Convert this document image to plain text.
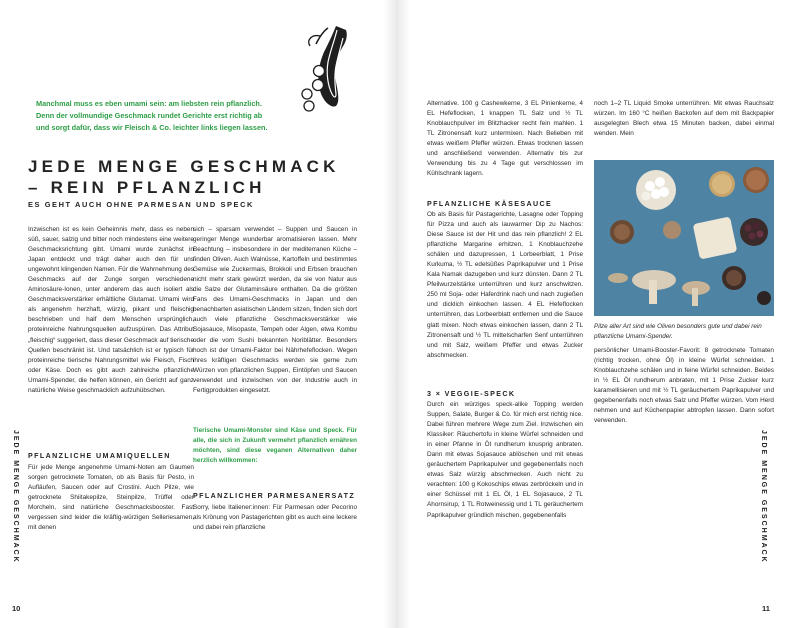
Manchmal muss es eben umami sein: am liebsten rein pflanzlich. Denn der vollmundige Geschmack rundet Gerichte erst richtig ab und sorgt dafür, dass wir Fleisch & Co. leichter links liegen lassen.

JEDE MENGE GESCHMACK – REIN PFLANZLICH
ES GEHT AUCH OHNE PARMESAN UND SPECK

Inzwischen ist es kein Geheimnis mehr, dass es neben süß, sauer, salzig und bitter noch mindestens eine weitere Geschmacksrichtung gibt. Umami wurde zunächst in Japan entdeckt und trägt daher auch den für uns ungewohnt klingenden Namen. Für die Wahrnehmung des Geschmacks auf der Zunge sorgen verschiedene Aminosäure-Ionen, unter anderem das auch isoliert als Geschmacksverstärker erhältliche Glutamat. Umami wird als angenehm herzhaft, würzig, pikant und fleischig beschrieben und half dem Menschen ursprünglich, proteinreiche Nahrungsquellen aufzuspüren. Das Attribut „fleischig“ suggeriert, dass dieser Geschmack auf tierische Quellen beschränkt ist. Und tatsächlich ist er typisch für proteinreiche tierische Nahrungsmittel wie Fleisch, Fisch oder Käse. Doch es gibt auch zahlreiche pflanzliche Umami-Spender, die helfen können, ein Gericht auf ganz natürliche Weise geschmacklich aufzuhübschen.

PFLANZLICHE UMAMIQUELLEN

Für jede Menge angenehme Umami-Noten am Gaumen sorgen getrocknete Tomaten, ob als Basis für Pesto, in Aufläufen, Saucen oder auf Crostini. Auch Pilze, wie getrocknete Shiitakepilze, Steinpilze, Trüffel oder Morcheln, sind natürliche Geschmacksbooster. Fast vergessen sind leider die kräftig-würzigen Selleriesamen, mit denen

sich – sparsam verwendet – Suppen und Saucen in geringer Menge wunderbar aromatisieren lassen. Mehr Beachtung – insbesondere in der mediterranen Küche – finden Oliven. Auch Walnüsse, Kartoffeln und bestimmtes Gemüse wie Zuckermais, Brokkoli und Erbsen brauchen nicht mehr stark gewürzt werden, da sie von Natur aus die Salze der Glutaminsäure enthalten. Da die größten Fans des Umami-Geschmacks in Japan und den benachbarten asiatischen Ländern sitzen, finden sich dort auch viele pflanzliche Geschmacksverstärker wie Sojasauce, Misopaste, Tempeh oder Algen, etwa Kombu oder die vom Sushi bekannten Noriblätter. Besonders hoch ist der Umami-Faktor bei Nährhefeflocken. Wegen ihres kräftigen Geschmacks werden sie gerne zum Würzen von pflanzlichen Suppen, Eintöpfen und Saucen verwendet und inzwischen von der Industrie auch in Fertigprodukten eingesetzt.

Tierische Umami-Monster sind Käse und Speck. Für alle, die sich in Zukunft vermehrt pflanzlich ernähren möchten, sind diese veganen Alternativen daher herzlich willkommen:

PFLANZLICHER PARMESANERSATZ

Sorry, liebe Italiener:innen: Für Parmesan oder Pecorino als Krönung von Pastagerichten gibt es auch eine leckere und dabei rein pflanzliche

Alternative. 100 g Cashewkerne, 3 EL Pinienkerne, 4 EL Hefeflocken, 1 knappen TL Salz und ½ TL Knoblauchpulver im Blitzhacker recht fein mahlen. 1 TL Zitronensaft kurz untermixen. Nach Belieben mit etwas weißem Pfeffer würzen. Etwas trocknen lassen und anschließend verwenden. Alternativ bis zur Verwendung bis zu 4 Tage gut verschlossen im Kühlschrank lagern.

PFLANZLICHE KÄSESAUCE

Ob als Basis für Pastagerichte, Lasagne oder Topping für Pizza und auch als lauwarmer Dip zu Nachos: Diese Sauce ist der Hit und das rein pflanzlich! 2 EL pflanzliche Margarine erhitzen, 1 Knoblauchzehe schälen und dazupressen, 1 Lorbeerblatt, 1 Prise Kurkuma, ½ TL edelsüßes Paprikapulver und 1 Prise Kala Namak dazugeben und kurz dünsten. Dann 2 TL Pfeilwurzelstärke unterrühren und kurz anschwitzen. 250 ml Soja- oder Haferdrink nach und nach zugießen und dicklich einkochen lassen. 4 EL Hefeflocken unterrühren, das Lorbeerblatt entfernen und die Sauce glatt mixen. Noch etwas einkochen lassen, dann 2 TL Zitronensaft und ½ TL mittelscharfen Senf unterrühren und mit Salz, weißem Pfeffer und etwas Zucker abschmecken.

3 × VEGGIE-SPECK

Durch ein würziges speck-alike Topping werden Suppen, Salate, Burger & Co. für mich erst richtig nice. Dabei führen mehrere Wege zum Ziel. Inzwischen ein Klassiker: Räuchertofu in kleine Würfel schneiden und in einer Pfanne in Öl rundherum knusprig anbraten. Dann mit etwas Sojasauce ablöschen und mit etwas geräuchertem Paprikapulver und gegebenenfalls noch etwas Salz würzig abschmecken. Auch nicht zu verachten: 100 g Kokoschips etwas zerbröckeln und in einer Schüssel mit 1 EL Öl, 1 EL Sojasauce, 2 TL Ahornsirup, 1 TL Rotweinessig und 1 TL geräuchertem Paprikapulver gründlich mischen, gegebenenfalls

noch 1–2 TL Liquid Smoke unterrühren. Mit etwas Rauchsalz würzen. Im 160 °C heißen Backofen auf dem mit Backpapier ausgelegten Blech etwa 15 Minuten backen, dabei einmal wenden. Mein

Pilze aller Art sind wie Oliven besonders gute und dabei rein pflanzliche Umami-Spender.

persönlicher Umami-Booster-Favorit: 8 getrocknete Tomaten (richtig trocken, ohne Öl) in kleine Würfel schneiden. 1 Knoblauchzehe schälen und in feine Würfel schneiden. Beides in ½ EL Öl rundherum anbraten, mit 1 Prise Zucker kurz karamellisieren und mit ½ TL geräuchertem Paprikapulver und gegebenenfalls noch etwas Salz und Pfeffer würzen. Vom Herd nehmen und auf Küchenpapier abtropfen lassen. Dann sofort verwenden.

JEDE MENGE GESCHMACK	JEDE MENGE GESCHMACK
10	11
